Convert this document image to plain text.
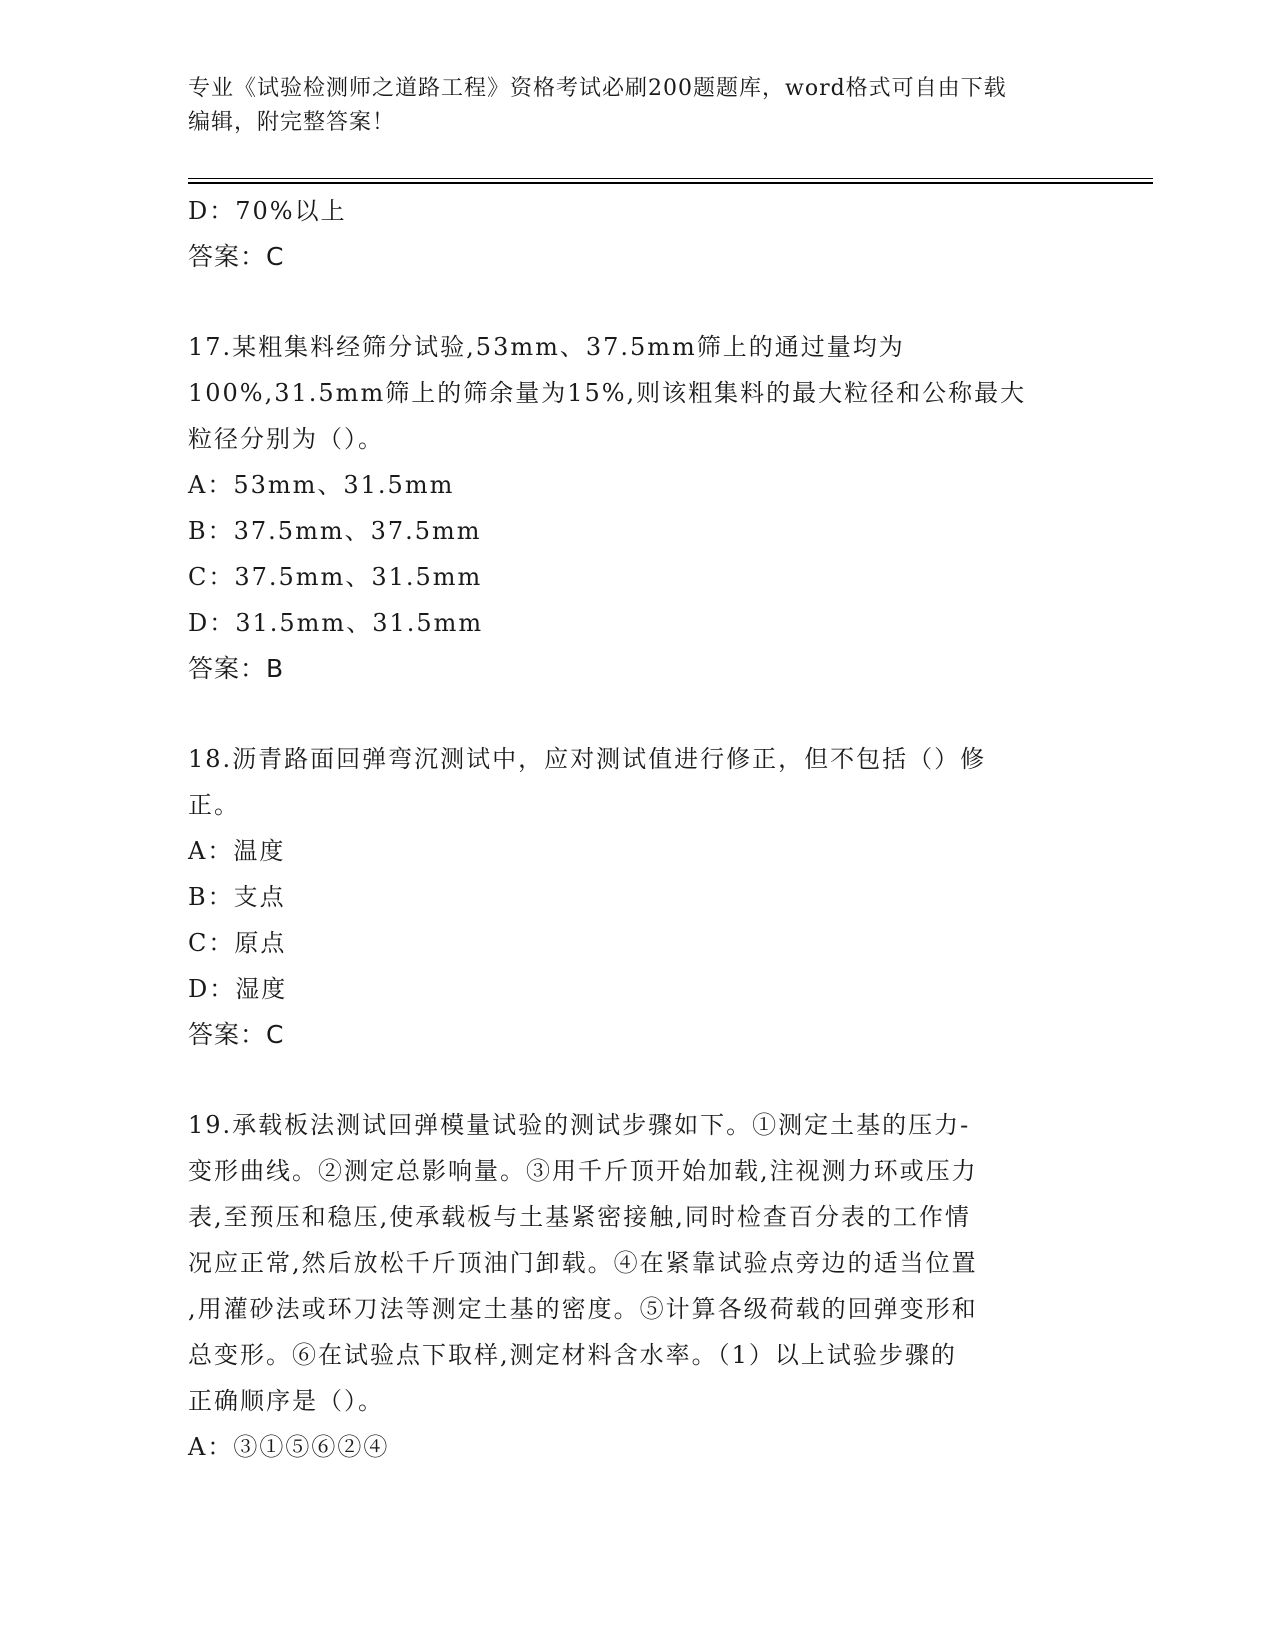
专业《试验检测师之道路工程》资格考试必刷200题题库，word格式可自由下载
编辑，附完整答案！
D：70%以上
答案：C
17.某粗集料经筛分试验,53mm、37.5mm筛上的通过量均为
100%,31.5mm筛上的筛余量为15%,则该粗集料的最大粒径和公称最大
粒径分别为（）。
A：53mm、31.5mm
B：37.5mm、37.5mm
C：37.5mm、31.5mm
D：31.5mm、31.5mm
答案：B
18.沥青路面回弹弯沉测试中，应对测试值进行修正，但不包括（）修
正。
A：温度
B：支点
C：原点
D：湿度
答案：C
19.承载板法测试回弹模量试验的测试步骤如下。①测定土基的压力-
变形曲线。②测定总影响量。③用千斤顶开始加载,注视测力环或压力
表,至预压和稳压,使承载板与土基紧密接触,同时检查百分表的工作情
况应正常,然后放松千斤顶油门卸载。④在紧靠试验点旁边的适当位置
,用灌砂法或环刀法等测定土基的密度。⑤计算各级荷载的回弹变形和
总变形。⑥在试验点下取样,测定材料含水率。（1）以上试验步骤的
正确顺序是（）。
A：③①⑤⑥②④
